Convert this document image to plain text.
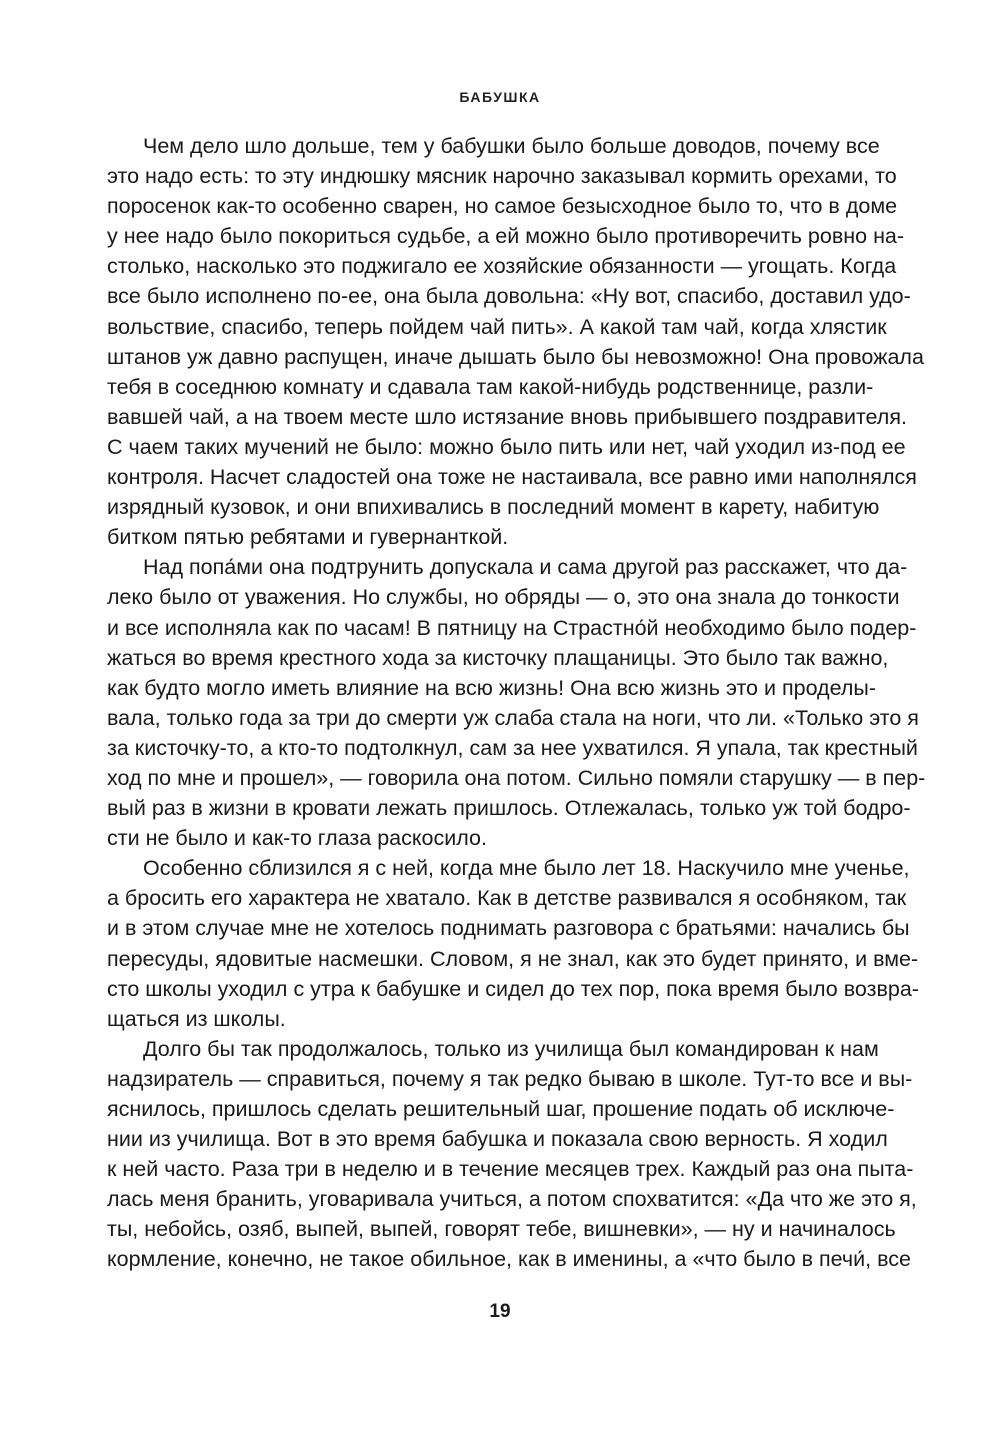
БАБУШКА
Чем дело шло дольше, тем у бабушки было больше доводов, почему все
это надо есть: то эту индюшку мясник нарочно заказывал кормить орехами, то
поросенок как-то особенно сварен, но самое безысходное было то, что в доме
у нее надо было покориться судьбе, а ей можно было противоречить ровно на-
столько, насколько это поджигало ее хозяйские обязанности — угощать. Когда
все было исполнено по-ее, она была довольна: «Ну вот, спасибо, доставил удо-
вольствие, спасибо, теперь пойдем чай пить». А какой там чай, когда хлястик
штанов уж давно распущен, иначе дышать было бы невозможно! Она провожала
тебя в соседнюю комнату и сдавала там какой-нибудь родственнице, разли-
вавшей чай, а на твоем месте шло истязание вновь прибывшего поздравителя.
С чаем таких мучений не было: можно было пить или нет, чай уходил из-под ее
контроля. Насчет сладостей она тоже не настаивала, все равно ими наполнялся
изрядный кузовок, и они впихивались в последний момент в карету, набитую
битком пятью ребятами и гувернанткой.
Над попа́ми она подтрунить допускала и сама другой раз расскажет, что да-
леко было от уважения. Но службы, но обряды — о, это она знала до тонкости
и все исполняла как по часам! В пятницу на Страстно́й необходимо было подер-
жаться во время крестного хода за кисточку плащаницы. Это было так важно,
как будто могло иметь влияние на всю жизнь! Она всю жизнь это и проделы-
вала, только года за три до смерти уж слаба стала на ноги, что ли. «Только это я
за кисточку-то, а кто-то подтолкнул, сам за нее ухватился. Я упала, так крестный
ход по мне и прошел», — говорила она потом. Сильно помяли старушку — в пер-
вый раз в жизни в кровати лежать пришлось. Отлежалась, только уж той бодро-
сти не было и как-то глаза раскосило.
Особенно сблизился я с ней, когда мне было лет 18. Наскучило мне ученье,
а бросить его характера не хватало. Как в детстве развивался я особняком, так
и в этом случае мне не хотелось поднимать разговора с братьями: начались бы
пересуды, ядовитые насмешки. Словом, я не знал, как это будет принято, и вме-
сто школы уходил с утра к бабушке и сидел до тех пор, пока время было возвра-
щаться из школы.
Долго бы так продолжалось, только из училища был командирован к нам
надзиратель — справиться, почему я так редко бываю в школе. Тут-то все и вы-
яснилось, пришлось сделать решительный шаг, прошение подать об исключе-
нии из училища. Вот в это время бабушка и показала свою верность. Я ходил
к ней часто. Раза три в неделю и в течение месяцев трех. Каждый раз она пыта-
лась меня бранить, уговаривала учиться, а потом спохватится: «Да что же это я,
ты, небойсь, озяб, выпей, выпей, говорят тебе, вишневки», — ну и начиналось
кормление, конечно, не такое обильное, как в именины, а «что было в печи́, все
19
